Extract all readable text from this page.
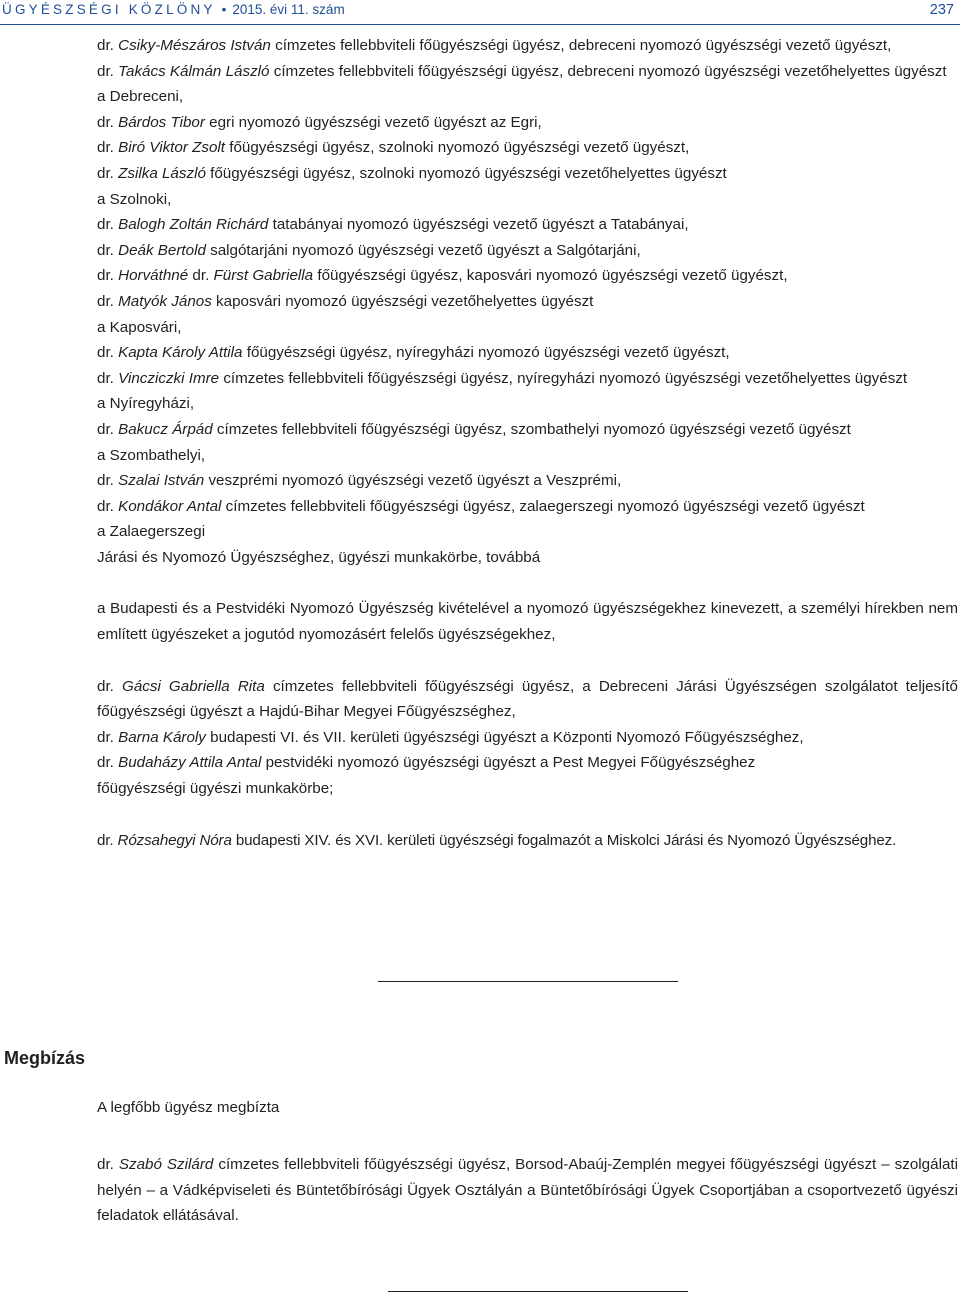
ÜGYÉSZSÉGI KÖZLÖNY • 2015. évi 11. szám	237
dr. Csiky-Mészáros István címzetes fellebbviteli főügyészségi ügyész, debreceni nyomozó ügyészségi vezető ügyészt,
dr. Takács Kálmán László címzetes fellebbviteli főügyészségi ügyész, debreceni nyomozó ügyészségi vezetőhelyettes ügyészt
a Debreceni,
dr. Bárdos Tibor egri nyomozó ügyészségi vezető ügyészt az Egri,
dr. Biró Viktor Zsolt főügyészségi ügyész, szolnoki nyomozó ügyészségi vezető ügyészt,
dr. Zsilka László főügyészségi ügyész, szolnoki nyomozó ügyészségi vezetőhelyettes ügyészt
a Szolnoki,
dr. Balogh Zoltán Richárd tatabányai nyomozó ügyészségi vezető ügyészt a Tatabányai,
dr. Deák Bertold salgótarjáni nyomozó ügyészségi vezető ügyészt a Salgótarjáni,
dr. Horváthné dr. Fürst Gabriella főügyészségi ügyész, kaposvári nyomozó ügyészségi vezető ügyészt,
dr. Matyók János kaposvári nyomozó ügyészségi vezetőhelyettes ügyészt
a Kaposvári,
dr. Kapta Károly Attila főügyészségi ügyész, nyíregyházi nyomozó ügyészségi vezető ügyészt,
dr. Vincziczki Imre címzetes fellebbviteli főügyészségi ügyész, nyíregyházi nyomozó ügyészségi vezetőhelyettes ügyészt
a Nyíregyházi,
dr. Bakucz Árpád címzetes fellebbviteli főügyészségi ügyész, szombathelyi nyomozó ügyészségi vezető ügyészt
a Szombathelyi,
dr. Szalai István veszprémi nyomozó ügyészségi vezető ügyészt a Veszprémi,
dr. Kondákor Antal címzetes fellebbviteli főügyészségi ügyész, zalaegerszegi nyomozó ügyészségi vezető ügyészt
a Zalaegerszegi
Járási és Nyomozó Ügyészséghez, ügyészi munkakörbe, továbbá
a Budapesti és a Pestvidéki Nyomozó Ügyészség kivételével a nyomozó ügyészségekhez kinevezett, a személyi hírekben nem említett ügyészeket a jogutód nyomozásért felelős ügyészségekhez,
dr. Gácsi Gabriella Rita címzetes fellebbviteli főügyészségi ügyész, a Debreceni Járási Ügyészségen szolgálatot teljesítő főügyészségi ügyészt a Hajdú-Bihar Megyei Főügyészséghez,
dr. Barna Károly budapesti VI. és VII. kerületi ügyészségi ügyészt a Központi Nyomozó Főügyészséghez,
dr. Budaházy Attila Antal pestvidéki nyomozó ügyészségi ügyészt a Pest Megyei Főügyészséghez főügyészségi ügyészi munkakörbe;
dr. Rózsahegyi Nóra budapesti XIV. és XVI. kerületi ügyészségi fogalmazót a Miskolci Járási és Nyomozó Ügyészséghez.
Megbízás
A legfőbb ügyész megbízta
dr. Szabó Szilárd címzetes fellebbviteli főügyészségi ügyész, Borsod-Abaúj-Zemplén megyei főügyészségi ügyészt – szolgálati helyén – a Vádképviseleti és Büntetőbírósági Ügyek Osztályán a Büntetőbírósági Ügyek Csoportjában a csoportvezető ügyészi feladatok ellátásával.
